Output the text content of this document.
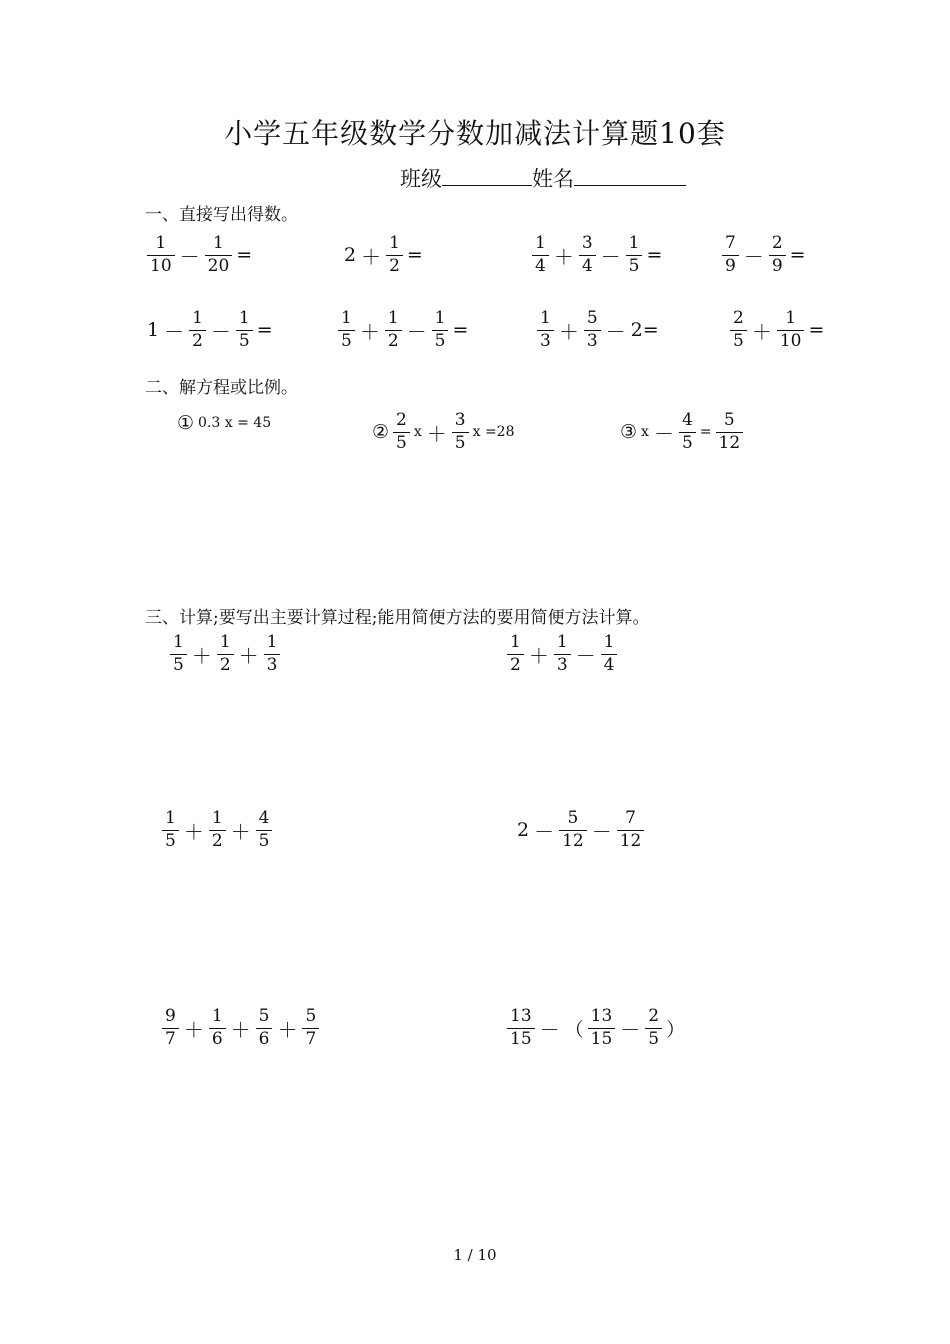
小学五年级数学分数加减法计算题10套
班级	姓名
一、直接写出得数。
二、解方程或比例。
三、计算;要写出主要计算过程;能用简便方法的要用简便方法计算。
$\frac{1}{10} - \frac{1}{20}$ =	$2 + \frac{1}{2}$ =	$\frac{1}{4} + \frac{3}{4} - \frac{1}{5}$ =	$\frac{7}{9} - \frac{2}{9}$ =
$1 - \frac{1}{2} - \frac{1}{5}$ =	$\frac{1}{5} + \frac{1}{2} - \frac{1}{5}$ =	$\frac{1}{3} + \frac{5}{3} - 2=$	$\frac{2}{5} + \frac{1}{10}$ =
① 0.3 x = 45	② $\frac{2}{5}$ $x + \frac{3}{5}$ x =28	③ $x - \frac{4}{5} = \frac{5}{12}$
$\frac{1}{5} + \frac{1}{2} + \frac{1}{3}$	$\frac{1}{2} + \frac{1}{3} - \frac{1}{4}$
$\frac{1}{5} + \frac{1}{2} + \frac{4}{5}$	$2 - \frac{5}{12} - \frac{7}{12}$
$\frac{9}{7} + \frac{1}{6} + \frac{5}{6} + \frac{5}{7}$	$\frac{13}{15}$ － （ $\frac{13}{15} - \frac{2}{5}$ ）
1 / 10
